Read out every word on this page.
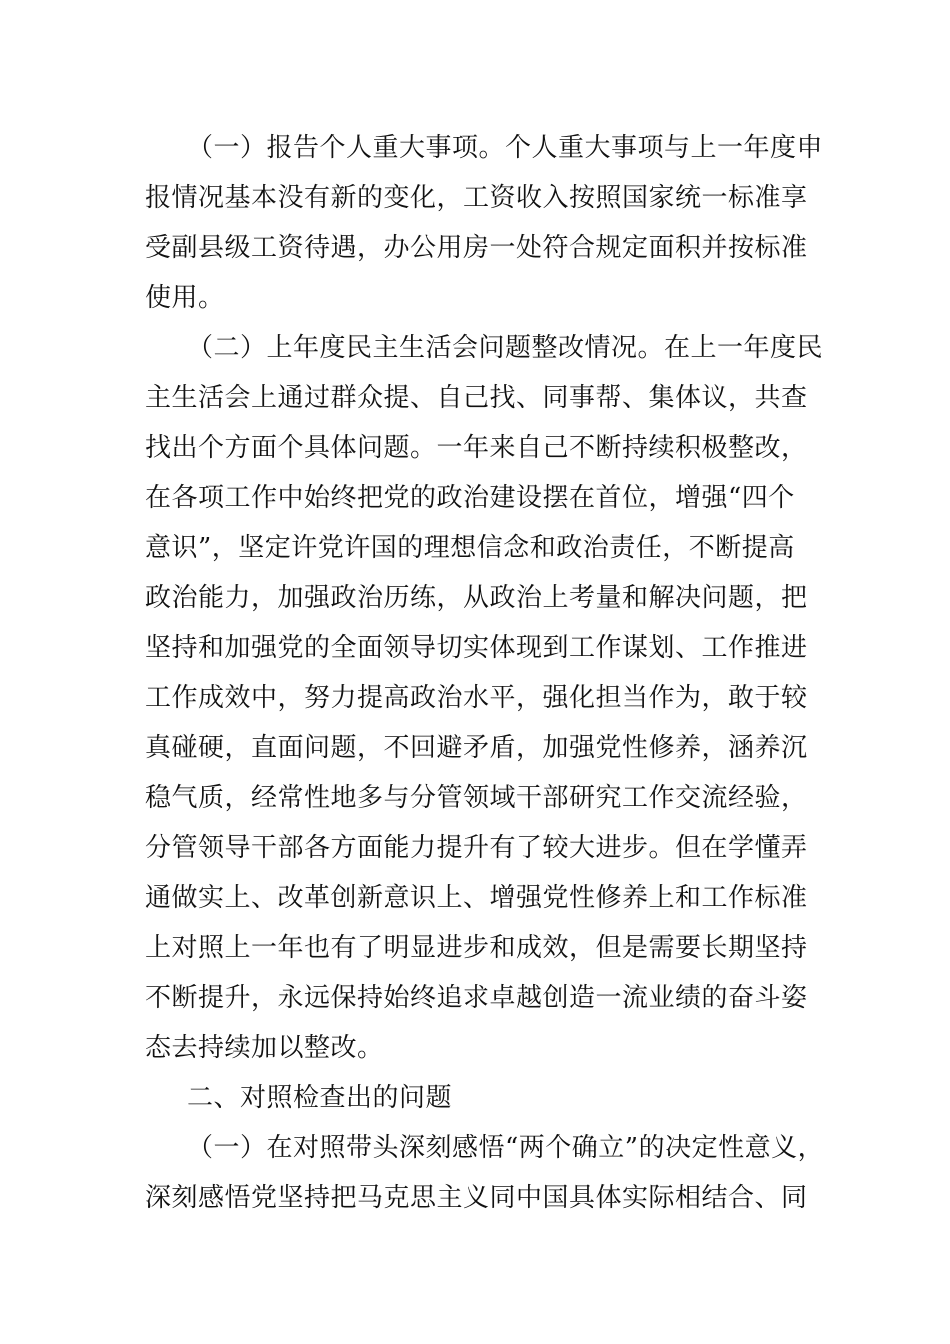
（一）报告个人重大事项。个人重大事项与上一年度申
报情况基本没有新的变化，工资收入按照国家统一标准享
受副县级工资待遇，办公用房一处符合规定面积并按标准
使用。
（二）上年度民主生活会问题整改情况。在上一年度民
主生活会上通过群众提、自己找、同事帮、集体议，共查
找出个方面个具体问题。一年来自己不断持续积极整改，
在各项工作中始终把党的政治建设摆在首位，增强“四个
意识”，坚定许党许国的理想信念和政治责任，不断提高
政治能力，加强政治历练，从政治上考量和解决问题，把
坚持和加强党的全面领导切实体现到工作谋划、工作推进
工作成效中，努力提高政治水平，强化担当作为，敢于较
真碰硬，直面问题，不回避矛盾，加强党性修养，涵养沉
稳气质，经常性地多与分管领域干部研究工作交流经验，
分管领导干部各方面能力提升有了较大进步。但在学懂弄
通做实上、改革创新意识上、增强党性修养上和工作标准
上对照上一年也有了明显进步和成效，但是需要长期坚持
不断提升，永远保持始终追求卓越创造一流业绩的奋斗姿
态去持续加以整改。
二、对照检查出的问题
（一）在对照带头深刻感悟“两个确立”的决定性意义，
深刻感悟党坚持把马克思主义同中国具体实际相结合、同
